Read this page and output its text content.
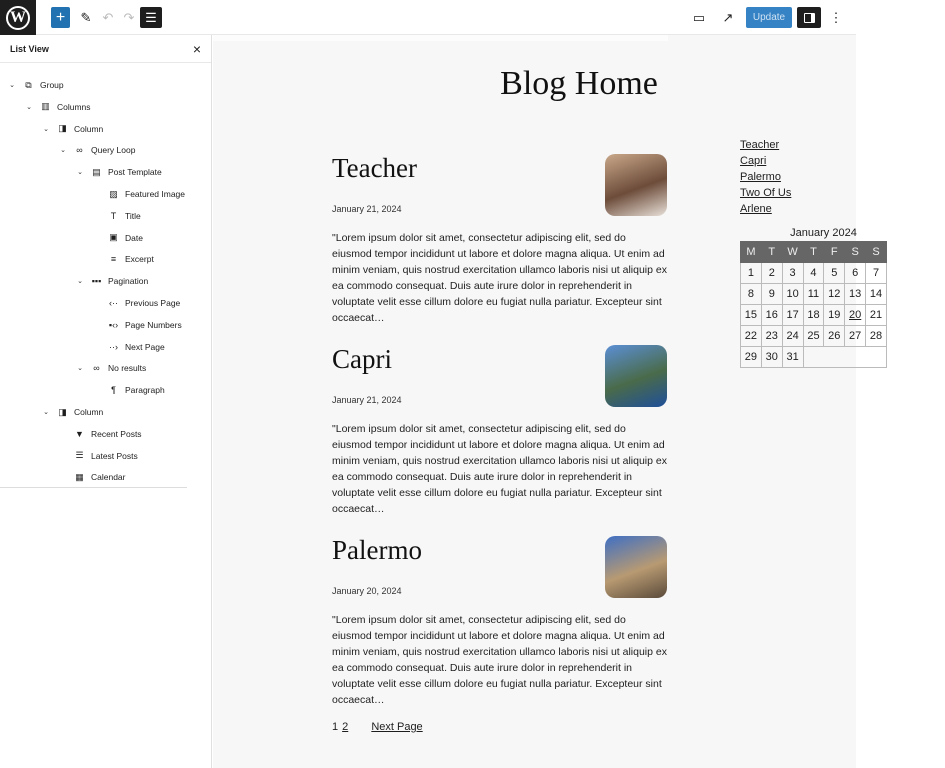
W	+	✎ ↶ ↷ ☰	▭ ↗	Update	⋮
List View	×
⌄ ⧉ Group
⌄ ▥ Columns
⌄ ◨ Column
⌄ ∞ Query Loop
⌄ ▤ Post Template
▨ Featured Image
T	Title
▣ Date
≡	Excerpt
⌄ ▪▪▪ Pagination
‹·· Previous Page
▪‹› Page Numbers
··› Next Page
⌄ ∞ No results
¶	Paragraph
⌄ ◨ Column
▼ Recent Posts
☰ Latest Posts
▦ Calendar
Blog Home
Teacher
January 21, 2024
"Lorem ipsum dolor sit amet, consectetur adipiscing elit, sed do eiusmod tempor incididunt ut labore et dolore magna aliqua. Ut enim ad minim veniam, quis nostrud exercitation ullamco laboris nisi ut aliquip ex ea commodo consequat. Duis aute irure dolor in reprehenderit in voluptate velit esse cillum dolore eu fugiat nulla pariatur. Excepteur sint occaecat…
Capri
January 21, 2024
"Lorem ipsum dolor sit amet, consectetur adipiscing elit, sed do eiusmod tempor incididunt ut labore et dolore magna aliqua. Ut enim ad minim veniam, quis nostrud exercitation ullamco laboris nisi ut aliquip ex ea commodo consequat. Duis aute irure dolor in reprehenderit in voluptate velit esse cillum dolore eu fugiat nulla pariatur. Excepteur sint occaecat…
Palermo
January 20, 2024
"Lorem ipsum dolor sit amet, consectetur adipiscing elit, sed do eiusmod tempor incididunt ut labore et dolore magna aliqua. Ut enim ad minim veniam, quis nostrud exercitation ullamco laboris nisi ut aliquip ex ea commodo consequat. Duis aute irure dolor in reprehenderit in voluptate velit esse cillum dolore eu fugiat nulla pariatur. Excepteur sint occaecat…
1 2 Next Page
Teacher
Capri
Palermo
Two Of Us
Arlene
January 2024
M	T	W	T	F	S	S
1	2	3	4	5	6	7
8	9	10	11	12	13	14
15	16	17	18	19	20	21
22	23	24	25	26	27	28
29	30	31				
